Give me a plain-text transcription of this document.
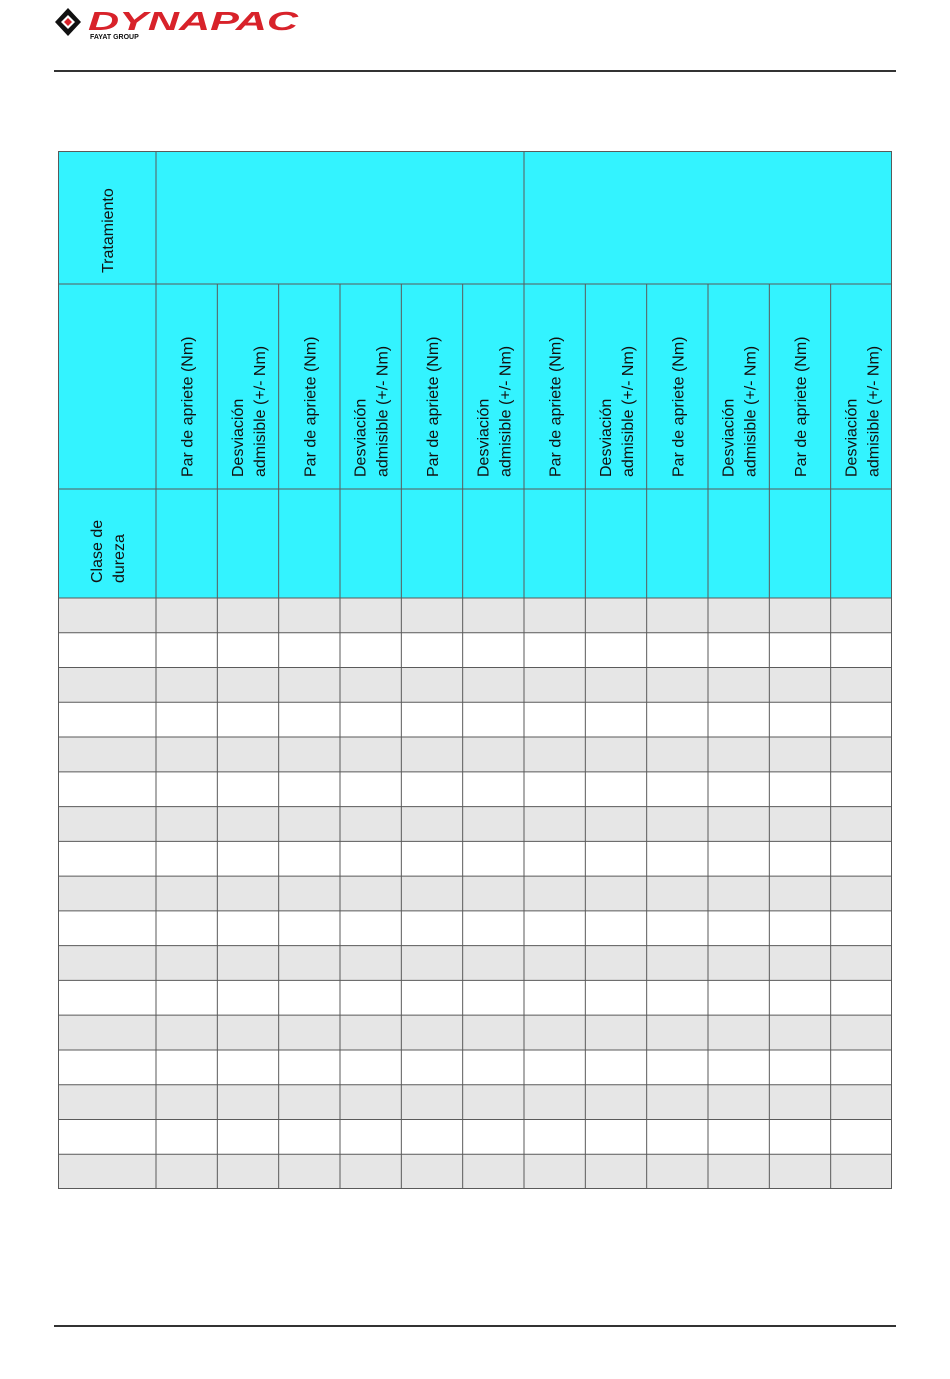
DYNAPAC
FAYAT GROUP
Tratamiento
Clase de dureza
Par de apriete (Nm) Desviación admisible (+/- Nm) Par de apriete (Nm) Desviación admisible (+/- Nm) Par de apriete (Nm) Desviación admisible (+/- Nm) Par de apriete (Nm) Desviación admisible (+/- Nm) Par de apriete (Nm) Desviación admisible (+/- Nm) Par de apriete (Nm) Desviación admisible (+/- Nm)
